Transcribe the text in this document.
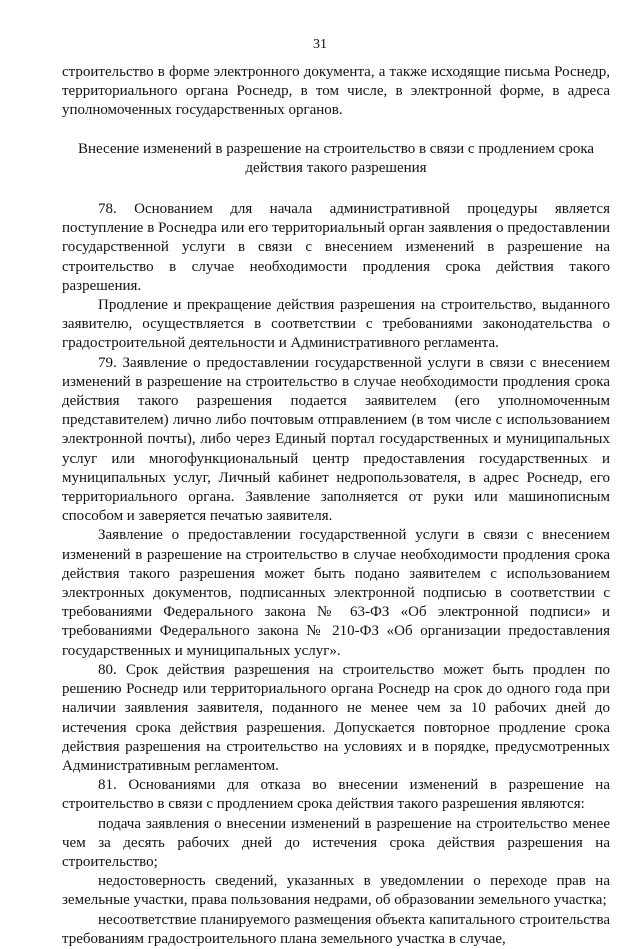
31

строительство в форме электронного документа, а также исходящие письма Роснедр, территориального органа Роснедр, в том числе, в электронной форме, в адреса уполномоченных государственных органов.

Внесение изменений в разрешение на строительство в связи с продлением срока действия такого разрешения

78. Основанием для начала административной процедуры является поступление в Роснедра или его территориальный орган заявления о предоставлении государственной услуги в связи с внесением изменений в разрешение на строительство в случае необходимости продления срока действия такого разрешения.

Продление и прекращение действия разрешения на строительство, выданного заявителю, осуществляется в соответствии с требованиями законодательства о градостроительной деятельности и Административного регламента.

79. Заявление о предоставлении государственной услуги в связи с внесением изменений в разрешение на строительство в случае необходимости продления срока действия такого разрешения подается заявителем (его уполномоченным представителем) лично либо почтовым отправлением (в том числе с использованием электронной почты), либо через Единый портал государственных и муниципальных услуг или многофункциональный центр предоставления государственных и муниципальных услуг, Личный кабинет недропользователя, в адрес Роснедр, его территориального органа. Заявление заполняется от руки или машинописным способом и заверяется печатью заявителя.

Заявление о предоставлении государственной услуги в связи с внесением изменений в разрешение на строительство в случае необходимости продления срока действия такого разрешения может быть подано заявителем с использованием электронных документов, подписанных электронной подписью в соответствии с требованиями Федерального закона № 63-ФЗ «Об электронной подписи» и требованиями Федерального закона № 210-ФЗ «Об организации предоставления государственных и муниципальных услуг».

80. Срок действия разрешения на строительство может быть продлен по решению Роснедр или территориального органа Роснедр на срок до одного года при наличии заявления заявителя, поданного не менее чем за 10 рабочих дней до истечения срока действия разрешения. Допускается повторное продление срока действия разрешения на строительство на условиях и в порядке, предусмотренных Административным регламентом.

81. Основаниями для отказа во внесении изменений в разрешение на строительство в связи с продлением срока действия такого разрешения являются:

подача заявления о внесении изменений в разрешение на строительство менее чем за десять рабочих дней до истечения срока действия разрешения на строительство;

недостоверность сведений, указанных в уведомлении о переходе прав на земельные участки, права пользования недрами, об образовании земельного участка;

несоответствие планируемого размещения объекта капитального строительства требованиям градостроительного плана земельного участка в случае,
